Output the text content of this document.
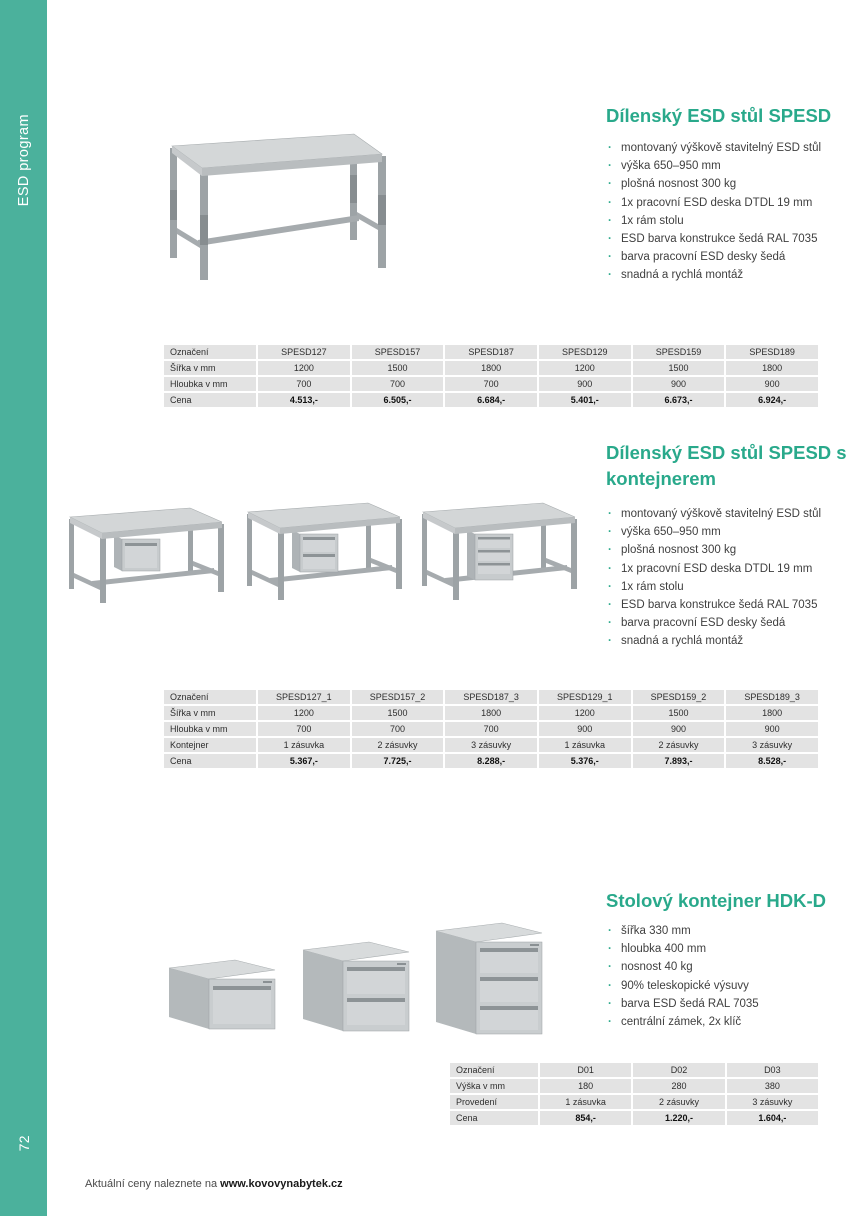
ESD program
72
Dílenský ESD stůl SPESD
· montovaný výškově stavitelný ESD stůl
· výška 650–950 mm
· plošná nosnost 300 kg
· 1x pracovní ESD deska DTDL 19 mm
· 1x rám stolu
· ESD barva konstrukce šedá RAL 7035
· barva pracovní ESD desky šedá
· snadná a rychlá montáž
Označení	SPESD127	SPESD157	SPESD187	SPESD129	SPESD159	SPESD189
Šířka v mm	1200	1500	1800	1200	1500	1800
Hloubka v mm	700	700	700	900	900	900
Cena	4.513,-	6.505,-	6.684,-	5.401,-	6.673,-	6.924,-
Dílenský ESD stůl SPESD s kontejnerem
· montovaný výškově stavitelný ESD stůl
· výška 650–950 mm
· plošná nosnost 300 kg
· 1x pracovní ESD deska DTDL 19 mm
· 1x rám stolu
· ESD barva konstrukce šedá RAL 7035
· barva pracovní ESD desky šedá
· snadná a rychlá montáž
Označení	SPESD127_1	SPESD157_2	SPESD187_3	SPESD129_1	SPESD159_2	SPESD189_3
Šířka v mm	1200	1500	1800	1200	1500	1800
Hloubka v mm	700	700	700	900	900	900
Kontejner	1 zásuvka	2 zásuvky	3 zásuvky	1 zásuvka	2 zásuvky	3 zásuvky
Cena	5.367,-	7.725,-	8.288,-	5.376,-	7.893,-	8.528,-
Stolový kontejner HDK-D
· šířka 330 mm
· hloubka 400 mm
· nosnost 40 kg
· 90% teleskopické výsuvy
· barva ESD šedá RAL 7035
· centrální zámek, 2x klíč
Označení	D01	D02	D03
Výška v mm	180	280	380
Provedení	1 zásuvka	2 zásuvky	3 zásuvky
Cena	854,-	1.220,-	1.604,-
Aktuální ceny naleznete na www.kovovynabytek.cz
